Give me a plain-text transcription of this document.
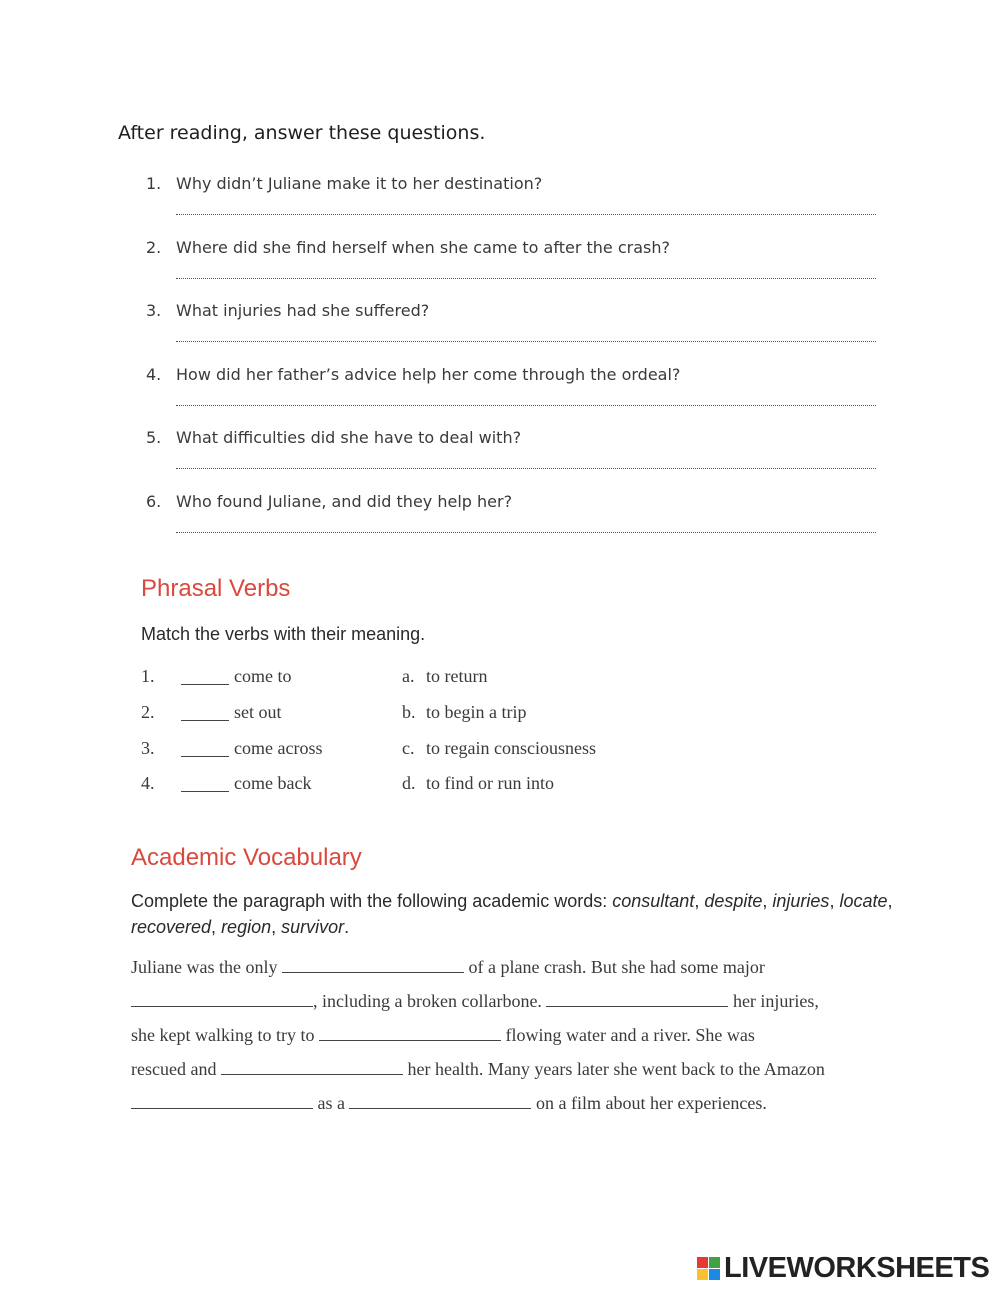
After reading, answer these questions.
1. Why didn’t Juliane make it to her destination?
2. Where did she find herself when she came to after the crash?
3. What injuries had she suffered?
4. How did her father’s advice help her come through the ordeal?
5. What difficulties did she have to deal with?
6. Who found Juliane, and did they help her?
Phrasal Verbs
Match the verbs with their meaning.
1.	come to	a. to return
2.	set out	b. to begin a trip
3.	come across	c. to regain consciousness
4.	come back	d. to find or run into
Academic Vocabulary
Complete the paragraph with the following academic words: consultant, despite, injuries, locate, recovered, region, survivor.
Juliane was the only	of a plane crash. But she had some major
, including a broken collarbone.	her injuries,
she kept walking to try to	flowing water and a river. She was
rescued and	her health. Many years later she went back to the Amazon
as a	on a film about her experiences.
LIVEWORKSHEETS
